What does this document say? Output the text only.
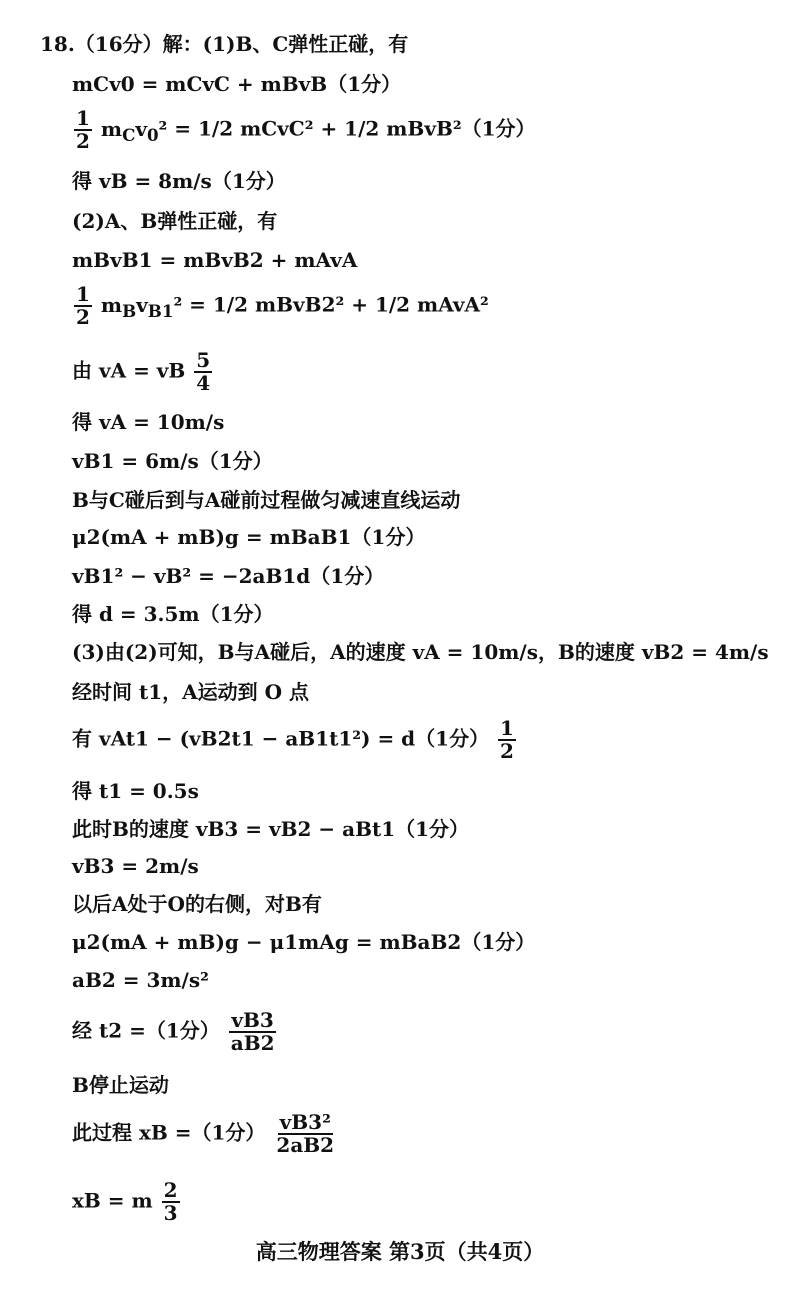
18.（16分）解：(1)B、C弹性正碰，有
mCv0 = mCvC + mBvB（1分）
$\frac{1}{2} m_Cv_0^2 = 1/2$ mCvC² + 1/2 mBvB²（1分）
得 vB = 8m/s（1分）
(2)A、B弹性正碰，有
mBvB1 = mBvB2 + mAvA
$\frac{1}{2} m_Bv_{B1}^2 = 1/2$ mBvB2² + 1/2 mAvA²
由 vA = vB $\frac{5}{4}$
得 vA = 10m/s
vB1 = 6m/s（1分）
B与C碰后到与A碰前过程做匀减速直线运动
μ2(mA + mB)g = mBaB1（1分）
vB1² − vB² = −2aB1d（1分）
得 d = 3.5m（1分）
(3)由(2)可知，B与A碰后，A的速度 vA = 10m/s，B的速度 vB2 = 4m/s
经时间 t1，A运动到 O 点
有 vAt1 − (vB2t1 − aB1t1²) = d（1分） $\frac{1}{2}$
得 t1 = 0.5s
此时B的速度 vB3 = vB2 − aBt1（1分）
vB3 = 2m/s
以后A处于O的右侧，对B有
μ2(mA + mB)g − μ1mAg = mBaB2（1分）
aB2 = 3m/s²
经 t2 =（1分） $\frac{vB3}{aB2}$
B停止运动
此过程 xB =（1分） $\frac{\text{vB3²}}{2aB2}$
xB = m $\frac{2}{3}$
高三物理答案 第3页（共4页）
